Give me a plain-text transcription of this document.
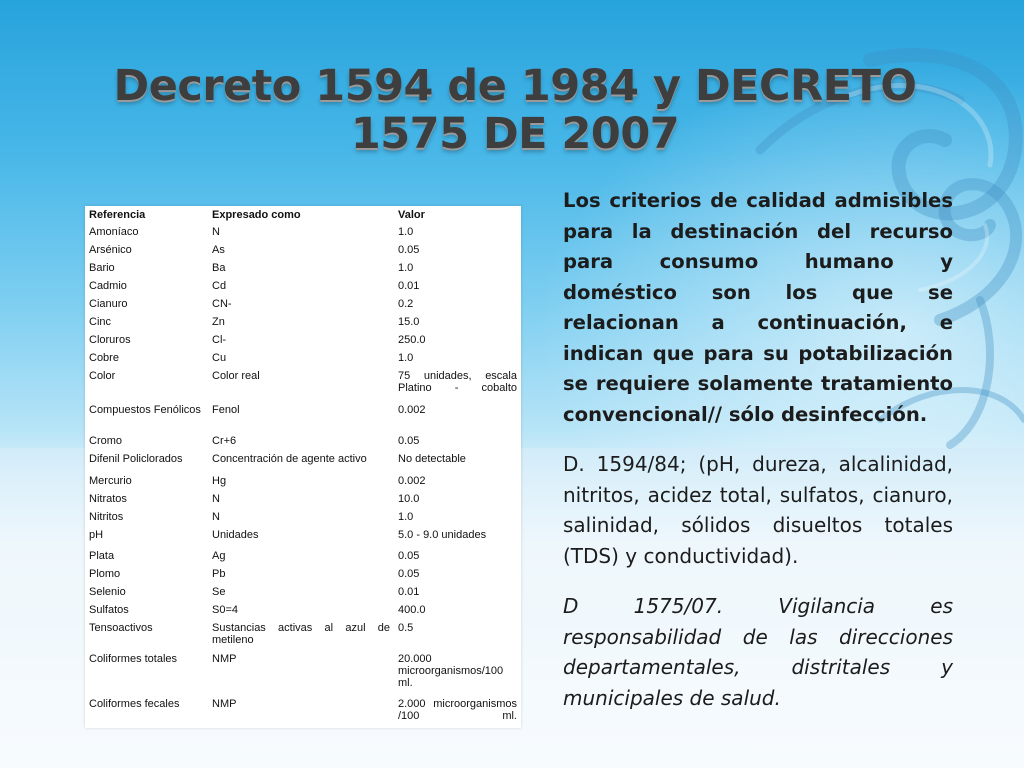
Decreto 1594 de 1984 y DECRETO 1575 DE 2007
Referencia	Expresado como	Valor
Amoníaco	N	1.0
Arsénico	As	0.05
Bario	Ba	1.0
Cadmio	Cd	0.01
Cianuro	CN-	0.2
Cinc	Zn	15.0
Cloruros	Cl-	250.0
Cobre	Cu	1.0
Color	Color real	75 unidades, escala Platino - cobalto
Compuestos Fenólicos	Fenol	0.002
Cromo	Cr+6	0.05
Difenil Policlorados	Concentración de agente activo	No detectable
Mercurio	Hg	0.002
Nitratos	N	10.0
Nitritos	N	1.0
pH	Unidades	5.0 - 9.0 unidades
Plata	Ag	0.05
Plomo	Pb	0.05
Selenio	Se	0.01
Sulfatos	S0=4	400.0
Tensoactivos	Sustancias activas al azul de metileno	0.5
Coliformes totales	NMP	20.000 microorganismos/100 ml.
Coliformes fecales	NMP	2.000 microorganismos /100 ml.

Los criterios de calidad admisibles para la destinación del recurso para consumo humano y doméstico son los que se relacionan a continuación, e indican que para su potabilización se requiere solamente tratamiento convencional// sólo desinfección.

D. 1594/84; (pH, dureza, alcalinidad, nitritos, acidez total, sulfatos, cianuro, salinidad, sólidos disueltos totales (TDS) y conductividad).

D 1575/07. Vigilancia es responsabilidad de las direcciones departamentales, distritales y municipales de salud.
